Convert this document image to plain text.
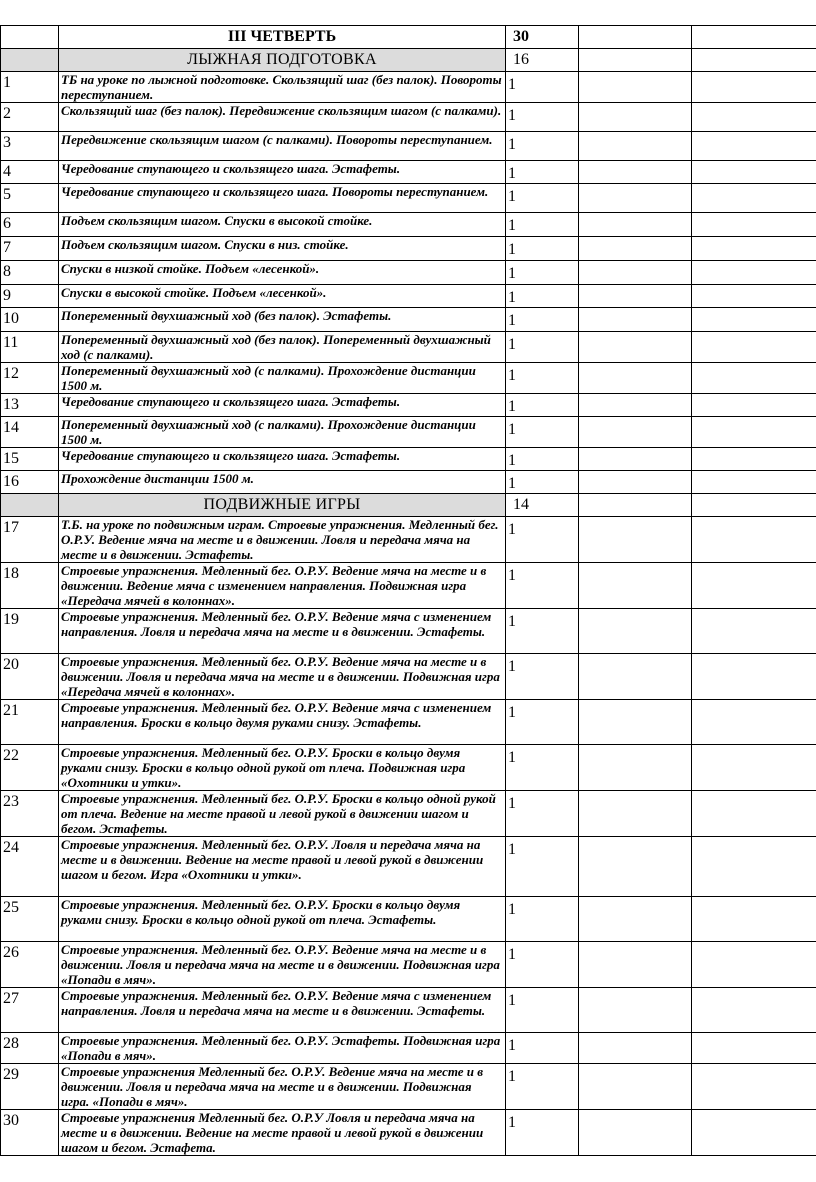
	III ЧЕТВЕРТЬ	30		
	ЛЫЖНАЯ ПОДГОТОВКА	16		

1	ТБ на уроке по лыжной подготовке. Скользящий шаг (без палок). Повороты переступанием.	1		

2	Скользящий шаг (без палок). Передвижение скользящим шагом (с палками).	1		

3	Передвижение скользящим шагом (с палками). Повороты переступанием.	1		

4	Чередование ступающего и скользящего шага. Эстафеты.	1		

5	Чередование ступающего и скользящего шага. Повороты переступанием.	1		

6	Подъем скользящим шагом. Спуски в высокой стойке.	1		

7	Подъем скользящим шагом. Спуски в низ. стойке.	1		

8	Спуски в низкой стойке. Подъем «лесенкой».	1		

9	Спуски в высокой стойке. Подъем «лесенкой».	1		

10	Попеременный двухшажный ход (без палок). Эстафеты.	1		

11	Попеременный двухшажный ход (без палок). Попеременный двухшажный ход (с палками).	1		

12	Попеременный двухшажный ход (с палками). Прохождение дистанции 1500 м.	1		

13	Чередование ступающего и скользящего шага. Эстафеты.	1		

14	Попеременный двухшажный ход (с палками). Прохождение дистанции 1500 м.	1		

15	Чередование ступающего и скользящего шага. Эстафеты.	1		

16	Прохождение дистанции 1500 м.	1		

	ПОДВИЖНЫЕ ИГРЫ	14		

17	Т.Б. на уроке по подвижным играм. Строевые упражнения. Медленный бег. О.Р.У. Ведение мяча на месте и в движении. Ловля и передача мяча на месте и в движении. Эстафеты.	1		

18	Строевые упражнения. Медленный бег. О.Р.У. Ведение мяча на месте и в движении. Ведение мяча с изменением направления. Подвижная игра «Передача мячей в колоннах».	1		

19	Строевые упражнения. Медленный бег. О.Р.У. Ведение мяча с изменением направления. Ловля и передача мяча на месте и в движении. Эстафеты.	1		

20	Строевые упражнения. Медленный бег. О.Р.У. Ведение мяча на месте и в движении. Ловля и передача мяча на месте и в движении. Подвижная игра «Передача мячей в колоннах».	1		

21	Строевые упражнения. Медленный бег. О.Р.У. Ведение мяча с изменением направления. Броски в кольцо двумя руками снизу. Эстафеты.	1		

22	Строевые упражнения. Медленный бег. О.Р.У. Броски в кольцо двумя руками снизу. Броски в кольцо одной рукой от плеча. Подвижная игра «Охотники и утки».	1		

23	Строевые упражнения. Медленный бег. О.Р.У. Броски в кольцо одной рукой от плеча. Ведение на месте правой и левой рукой в движении шагом и бегом. Эстафеты.	1		

24	Строевые упражнения. Медленный бег. О.Р.У. Ловля и передача мяча на месте и в движении. Ведение на месте правой и левой рукой в движении шагом и бегом. Игра «Охотники и утки».	1		

25	Строевые упражнения. Медленный бег. О.Р.У. Броски в кольцо двумя руками снизу. Броски в кольцо одной рукой от плеча. Эстафеты.	1		

26	Строевые упражнения. Медленный бег. О.Р.У. Ведение мяча на месте и в движении. Ловля и передача мяча на месте и в движении. Подвижная игра «Попади в мяч».	1		

27	Строевые упражнения. Медленный бег. О.Р.У. Ведение мяча с изменением направления. Ловля и передача мяча на месте и в движении. Эстафеты.	1		

28	Строевые упражнения. Медленный бег. О.Р.У. Эстафеты. Подвижная игра «Попади в мяч».	1		

29	Строевые упражнения Медленный бег. О.Р.У. Ведение мяча на месте и в движении. Ловля и передача мяча на месте и в движении. Подвижная игра. «Попади в мяч».	1		

30	Строевые упражнения Медленный бег. О.Р.У Ловля и передача мяча на месте и в движении. Ведение на месте правой и левой рукой в движении шагом и бегом. Эстафета.	1		
